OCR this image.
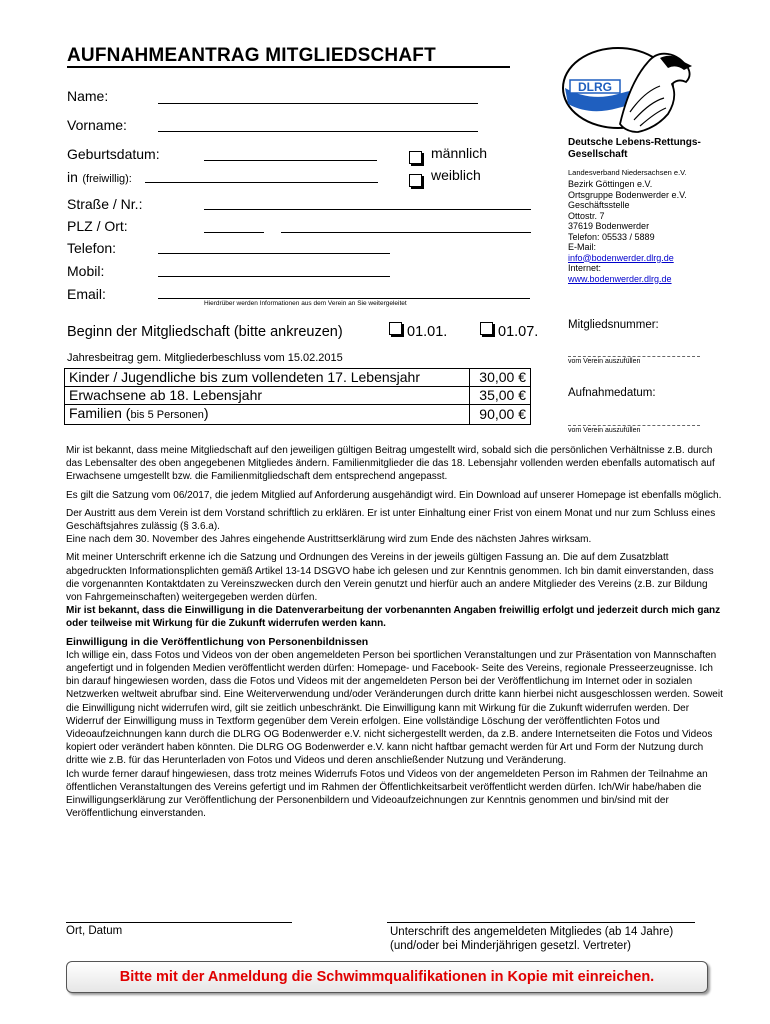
AUFNAHMEANTRAG MITGLIEDSCHAFT
DLRG
Deutsche Lebens-Rettungs-
Gesellschaft
Landesverband Niedersachsen e.V.
Bezirk Göttingen e.V.
Ortsgruppe Bodenwerder e.V.
Geschäftsstelle
Ottostr. 7
37619 Bodenwerder
Telefon: 05533 / 5889
E-Mail:
info@bodenwerder.dlrg.de
Internet:
www.bodenwerder.dlrg.de
Name:
Vorname:
Geburtsdatum:
in (freiwillig):
männlich
weiblich
Straße / Nr.:
PLZ / Ort:
Telefon:
Mobil:
Email:
Hierdrüber werden Informationen aus dem Verein an Sie weitergeleitet
Beginn der Mitgliedschaft (bitte ankreuzen)	01.01.	01.07.	Mitgliedsnummer:
vom Verein auszufüllen
Aufnahmedatum:
vom Verein auszufüllen
Jahresbeitrag gem. Mitgliederbeschluss vom 15.02.2015
Kinder / Jugendliche bis zum vollendeten 17. Lebensjahr	30,00 €
Erwachsene ab 18. Lebensjahr	35,00 €
Familien (bis 5 Personen)	90,00 €

Mir ist bekannt, dass meine Mitgliedschaft auf den jeweiligen gültigen Beitrag umgestellt wird, sobald sich die persönlichen Verhältnisse z.B. durch das Lebensalter des oben angegebenen Mitgliedes ändern. Familienmitglieder die das 18. Lebensjahr vollenden werden ebenfalls automatisch auf Erwachsene umgestellt bzw. die Familienmitgliedschaft dem entsprechend angepasst.

Es gilt die Satzung vom 06/2017, die jedem Mitglied auf Anforderung ausgehändigt wird. Ein Download auf unserer Homepage ist ebenfalls möglich.

Der Austritt aus dem Verein ist dem Vorstand schriftlich zu erklären. Er ist unter Einhaltung einer Frist von einem Monat und nur zum Schluss eines Geschäftsjahres zulässig (§ 3.6.a).

Eine nach dem 30. November des Jahres eingehende Austrittserklärung wird zum Ende des nächsten Jahres wirksam.

Mit meiner Unterschrift erkenne ich die Satzung und Ordnungen des Vereins in der jeweils gültigen Fassung an. Die auf dem Zusatzblatt abgedruckten Informationsplichten gemäß Artikel 13-14 DSGVO habe ich gelesen und zur Kenntnis genommen. Ich bin damit einverstanden, dass die vorgenannten Kontaktdaten zu Vereinszwecken durch den Verein genutzt und hierfür auch an andere Mitglieder des Vereins (z.B. zur Bildung von Fahrgemeinschaften) weitergegeben werden dürfen.

Mir ist bekannt, dass die Einwilligung in die Datenverarbeitung der vorbenannten Angaben freiwillig erfolgt und jederzeit durch mich ganz oder teilweise mit Wirkung für die Zukunft widerrufen werden kann.

Einwilligung in die Veröffentlichung von Personenbildnissen

Ich willige ein, dass Fotos und Videos von der oben angemeldeten Person bei sportlichen Veranstaltungen und zur Präsentation von Mannschaften angefertigt und in folgenden Medien veröffentlicht werden dürfen: Homepage- und Facebook- Seite des Vereins, regionale Presseerzeugnisse. Ich bin darauf hingewiesen worden, dass die Fotos und Videos mit der angemeldeten Person bei der Veröffentlichung im Internet oder in sozialen Netzwerken weltweit abrufbar sind. Eine Weiterverwendung und/oder Veränderungen durch dritte kann hierbei nicht ausgeschlossen werden. Soweit die Einwilligung nicht widerrufen wird, gilt sie zeitlich unbeschränkt. Die Einwilligung kann mit Wirkung für die Zukunft widerrufen werden. Der Widerruf der Einwilligung muss in Textform gegenüber dem Verein erfolgen. Eine vollständige Löschung der veröffentlichten Fotos und Videoaufzeichnungen kann durch die DLRG OG Bodenwerder e.V. nicht sichergestellt werden, da z.B. andere Internetseiten die Fotos und Videos kopiert oder verändert haben könnten. Die DLRG OG Bodenwerder e.V. kann nicht haftbar gemacht werden für Art und Form der Nutzung durch dritte wie z.B. für das Herunterladen von Fotos und Videos und deren anschließender Nutzung und Veränderung.

Ich wurde ferner darauf hingewiesen, dass trotz meines Widerrufs Fotos und Videos von der angemeldeten Person im Rahmen der Teilnahme an öffentlichen Veranstaltungen des Vereins gefertigt und im Rahmen der Öffentlichkeitsarbeit veröffentlicht werden dürfen. Ich/Wir habe/haben die Einwilligungserklärung zur Veröffentlichung der Personenbildern und Videoaufzeichnungen zur Kenntnis genommen und bin/sind mit der Veröffentlichung einverstanden.

Ort, Datum	Unterschrift des angemeldeten Mitgliedes (ab 14 Jahre)
(und/oder bei Minderjährigen gesetzl. Vertreter)
Bitte mit der Anmeldung die Schwimmqualifikationen in Kopie mit einreichen.
